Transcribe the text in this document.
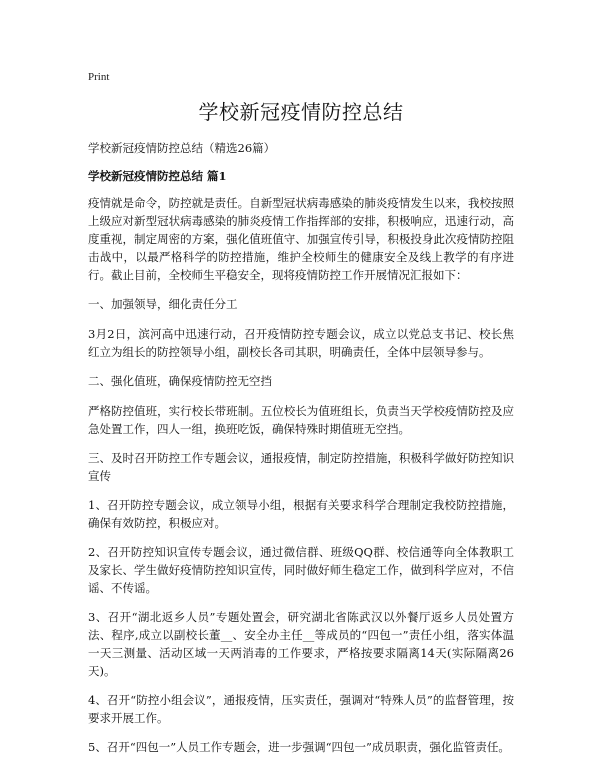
Print
学校新冠疫情防控总结

学校新冠疫情防控总结（精选26篇）

学校新冠疫情防控总结 篇1

疫情就是命令，防控就是责任。自新型冠状病毒感染的肺炎疫情发生以来，我校按照上级应对新型冠状病毒感染的肺炎疫情工作指挥部的安排，积极响应，迅速行动，高度重视，制定周密的方案，强化值班值守、加强宣传引导，积极投身此次疫情防控阻击战中，以最严格科学的防控措施，维护全校师生的健康安全及线上教学的有序进行。截止目前，全校师生平稳安全，现将疫情防控工作开展情况汇报如下：

一、加强领导，细化责任分工

3月2日，滨河高中迅速行动，召开疫情防控专题会议，成立以党总支书记、校长焦红立为组长的防控领导小组，副校长各司其职，明确责任，全体中层领导参与。

二、强化值班，确保疫情防控无空挡

严格防控值班，实行校长带班制。五位校长为值班组长，负责当天学校疫情防控及应急处置工作，四人一组，换班吃饭，确保特殊时期值班无空挡。

三、及时召开防控工作专题会议，通报疫情，制定防控措施，积极科学做好防控知识宣传

1、召开防控专题会议，成立领导小组，根据有关要求科学合理制定我校防控措施，确保有效防控，积极应对。

2、召开防控知识宣传专题会议，通过微信群、班级QQ群、校信通等向全体教职工及家长、学生做好疫情防控知识宣传，同时做好师生稳定工作，做到科学应对，不信谣、不传谣。

3、召开“湖北返乡人员”专题处置会，研究湖北省陈武汉以外餐厅返乡人员处置方法、程序,成立以副校长董__、安全办主任__等成员的“四包一”责任小组，落实体温一天三测量、活动区域一天两消毒的工作要求，严格按要求隔离14天(实际隔离26天)。

4、召开“防控小组会议”，通报疫情，压实责任，强调对“特殊人员”的监督管理，按要求开展工作。

5、召开“四包一”人员工作专题会，进一步强调“四包一”成员职责，强化监管责任。
